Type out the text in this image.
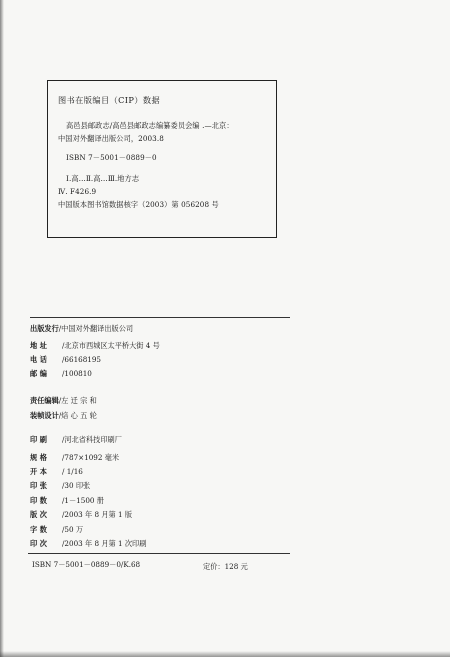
图书在版编目（CIP）数据
高邑县邮政志/高邑县邮政志编纂委员会编 .—北京：
中国对外翻译出版公司，2003.8
ISBN 7－5001－0889－0
Ⅰ.高…Ⅱ.高…Ⅲ.地方志
Ⅳ. F426.9
中国版本图书馆数据核字（2003）第 056208 号
出版发行 /中国对外翻译出版公司
地 址	/北京市西城区太平桥大街 4 号
电 话	/66168195
邮 编	/100810
责任编辑 /左 迁 宗 和
装帧设计 /焙 心 五 轮
印 刷	/河北省科技印刷厂
规 格	/787×1092 毫米
开 本	/ 1/16
印 张	/30 印张
印 数	/1－1500 册
版 次	/2003 年 8 月第 1 版
字 数	/50 万
印 次	/2003 年 8 月第 1 次印刷
ISBN 7－5001－0889－0/K.68	定价：128 元
